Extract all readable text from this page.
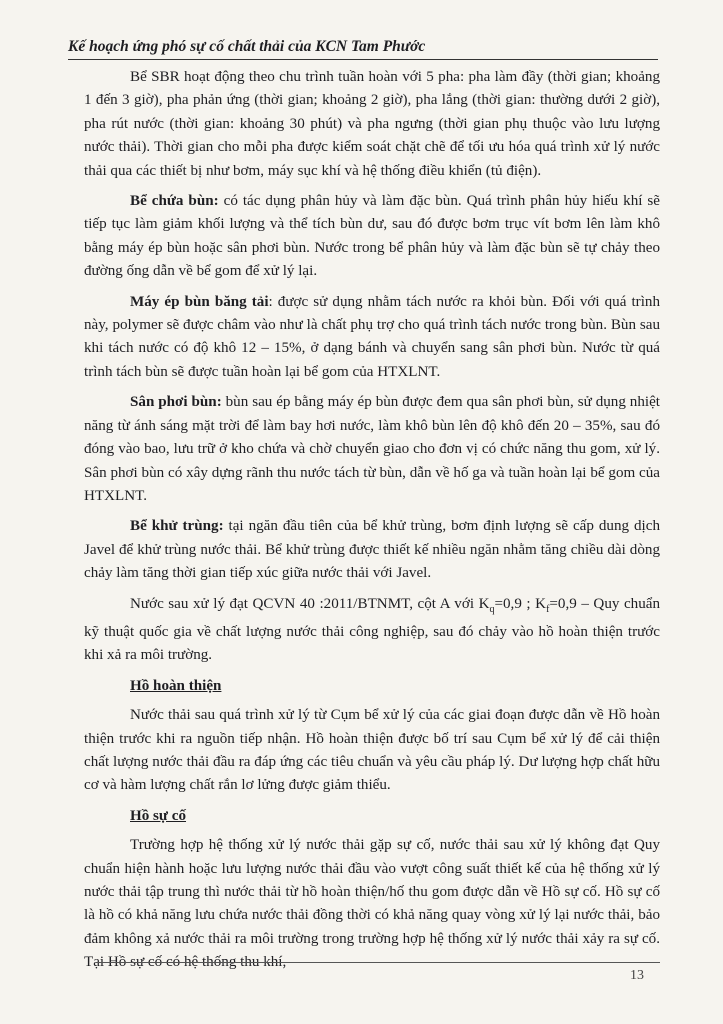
Kế hoạch ứng phó sự cố chất thải của KCN Tam Phước

Bể SBR hoạt động theo chu trình tuần hoàn với 5 pha: pha làm đầy (thời gian; khoảng 1 đến 3 giờ), pha phản ứng (thời gian; khoảng 2 giờ), pha lắng (thời gian: thường dưới 2 giờ), pha rút nước (thời gian: khoảng 30 phút) và pha ngưng (thời gian phụ thuộc vào lưu lượng nước thải). Thời gian cho mỗi pha được kiểm soát chặt chẽ để tối ưu hóa quá trình xử lý nước thải qua các thiết bị như bơm, máy sục khí và hệ thống điều khiển (tủ điện).

Bể chứa bùn: có tác dụng phân hủy và làm đặc bùn. Quá trình phân hủy hiếu khí sẽ tiếp tục làm giảm khối lượng và thể tích bùn dư, sau đó được bơm trục vít bơm lên làm khô bằng máy ép bùn hoặc sân phơi bùn. Nước trong bể phân hủy và làm đặc bùn sẽ tự chảy theo đường ống dẫn về bể gom để xử lý lại.

Máy ép bùn băng tải: được sử dụng nhằm tách nước ra khỏi bùn. Đối với quá trình này, polymer sẽ được châm vào như là chất phụ trợ cho quá trình tách nước trong bùn. Bùn sau khi tách nước có độ khô 12 – 15%, ở dạng bánh và chuyển sang sân phơi bùn. Nước từ quá trình tách bùn sẽ được tuần hoàn lại bể gom của HTXLNT.

Sân phơi bùn: bùn sau ép bằng máy ép bùn được đem qua sân phơi bùn, sử dụng nhiệt năng từ ánh sáng mặt trời để làm bay hơi nước, làm khô bùn lên độ khô đến 20 – 35%, sau đó đóng vào bao, lưu trữ ở kho chứa và chờ chuyển giao cho đơn vị có chức năng thu gom, xử lý. Sân phơi bùn có xây dựng rãnh thu nước tách từ bùn, dẫn về hố ga và tuần hoàn lại bể gom của HTXLNT.

Bể khử trùng: tại ngăn đầu tiên của bể khử trùng, bơm định lượng sẽ cấp dung dịch Javel để khử trùng nước thải. Bể khử trùng được thiết kế nhiều ngăn nhằm tăng chiều dài dòng chảy làm tăng thời gian tiếp xúc giữa nước thải với Javel.

Nước sau xử lý đạt QCVN 40 :2011/BTNMT, cột A với $K_q=0,9$ ; $K_f=0,9$ – Quy chuẩn kỹ thuật quốc gia về chất lượng nước thải công nghiệp, sau đó chảy vào hồ hoàn thiện trước khi xả ra môi trường.

Hồ hoàn thiện

Nước thải sau quá trình xử lý từ Cụm bể xử lý của các giai đoạn được dẫn về Hồ hoàn thiện trước khi ra nguồn tiếp nhận. Hồ hoàn thiện được bố trí sau Cụm bể xử lý để cải thiện chất lượng nước thải đầu ra đáp ứng các tiêu chuẩn và yêu cầu pháp lý. Dư lượng hợp chất hữu cơ và hàm lượng chất rắn lơ lửng được giảm thiểu.

Hồ sự cố

Trường hợp hệ thống xử lý nước thải gặp sự cố, nước thải sau xử lý không đạt Quy chuẩn hiện hành hoặc lưu lượng nước thải đầu vào vượt công suất thiết kế của hệ thống xử lý nước thải tập trung thì nước thải từ hồ hoàn thiện/hố thu gom được dẫn về Hồ sự cố. Hồ sự cố là hồ có khả năng lưu chứa nước thải đồng thời có khả năng quay vòng xử lý lại nước thải, bảo đảm không xả nước thải ra môi trường trong trường hợp hệ thống xử lý nước thải xảy ra sự cố. Tại Hồ sự cố có hệ thống thu khí,

13
